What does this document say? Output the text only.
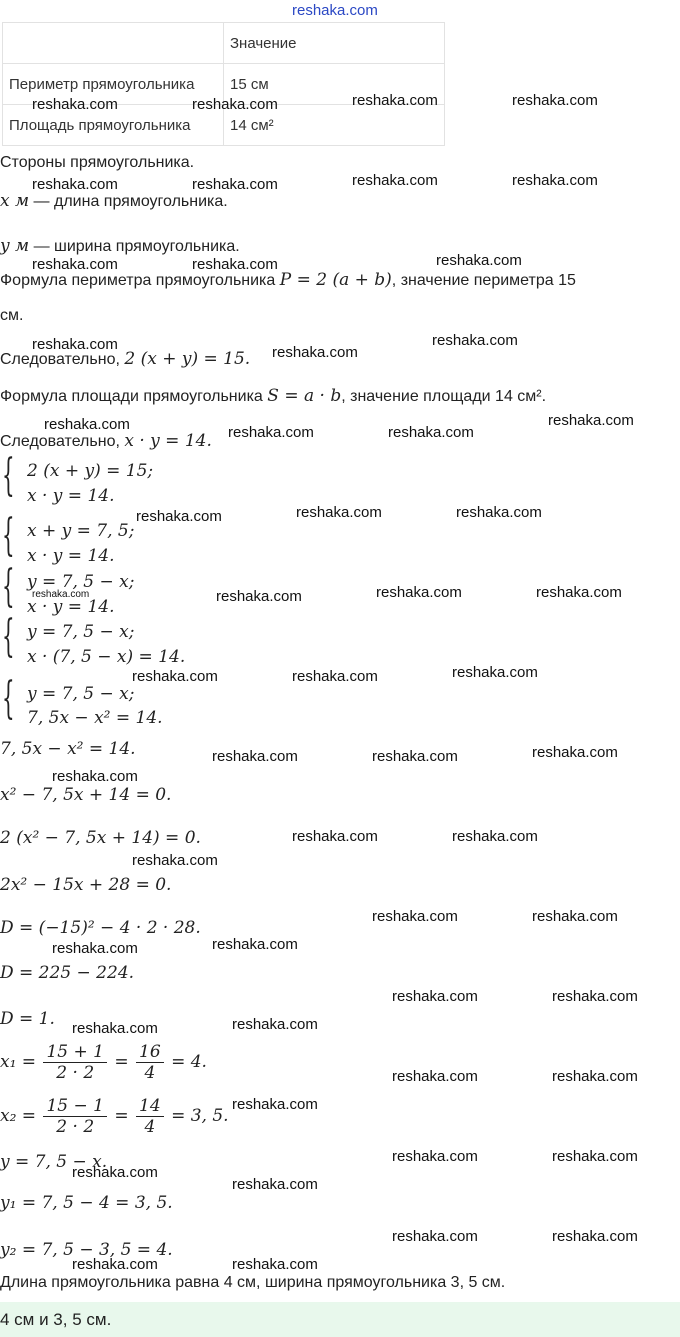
reshaka.com
	Значение
Периметр прямоугольника	15 см
Площадь прямоугольника	14 см²
Стороны прямоугольника.
x м — длина прямоугольника.
y м — ширина прямоугольника.
Формула периметра прямоугольника P = 2 (a + b), значение периметра 15
см.
Следовательно, 2 (x + y) = 15.
Формула площади прямоугольника S = a · b, значение площади 14 см².
Следовательно, x · y = 14.
{ 2 (x + y) = 15;
x · y = 14.
{ x + y = 7, 5;
x · y = 14.
{ y = 7, 5 − x;
x · y = 14.
{ y = 7, 5 − x;
x · (7, 5 − x) = 14.
{ y = 7, 5 − x;
7, 5x − x² = 14.
7, 5x − x² = 14.
x² − 7, 5x + 14 = 0.
2 (x² − 7, 5x + 14) = 0.
2x² − 15x + 28 = 0.
D = (−15)² − 4 · 2 · 28.
D = 225 − 224.
D = 1.
$x_1 = \frac{15 + 1}{2 \cdot 2} = \frac{16}{4} = 4$.
$x_2 = \frac{15 - 1}{2 \cdot 2} = \frac{14}{4} = 3$, 5.
y = 7, 5 − x.
y₁ = 7, 5 − 4 = 3, 5.
y₂ = 7, 5 − 3, 5 = 4.
Длина прямоугольника равна 4 см, ширина прямоугольника 3, 5 см.
4 см и 3, 5 см.
reshaka.com	reshaka.com	reshaka.com	reshaka.com
reshaka.com	reshaka.com	reshaka.com	reshaka.com
reshaka.com	reshaka.com	reshaka.com
reshaka.com	reshaka.com
reshaka.com
reshaka.com	reshaka.com	reshaka.com
reshaka.com
reshaka.com	reshaka.com	reshaka.com
reshaka.com	reshaka.com	reshaka.com	reshaka.com
reshaka.com	reshaka.com	reshaka.com
reshaka.com	reshaka.com	reshaka.com
reshaka.com
reshaka.com	reshaka.com
reshaka.com
reshaka.com	reshaka.com
reshaka.com	reshaka.com
reshaka.com	reshaka.com
reshaka.com	reshaka.com
reshaka.com	reshaka.com
reshaka.com
reshaka.com	reshaka.com
reshaka.com
reshaka.com
reshaka.com	reshaka.com
reshaka.com	reshaka.com
